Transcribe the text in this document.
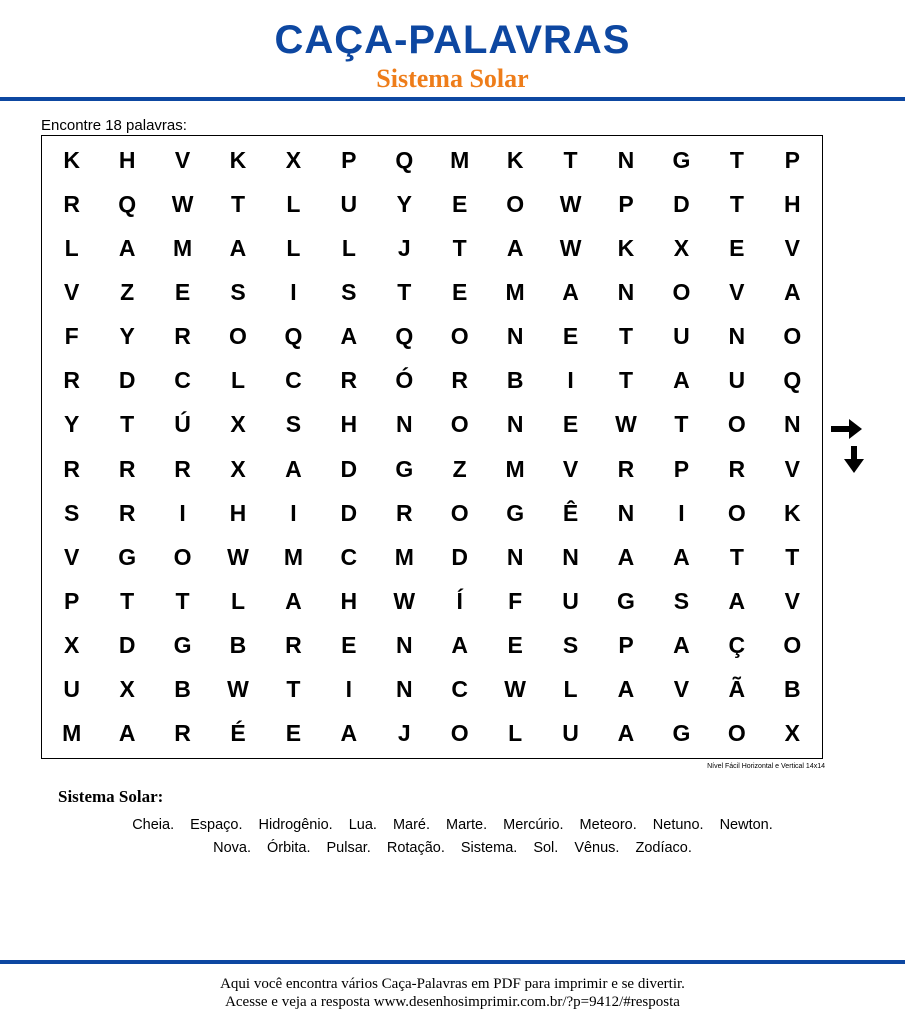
CAÇA-PALAVRAS
Sistema Solar
Encontre 18 palavras:
K	H	V	K	X	P	Q	M	K	T	N	G	T	P
R	Q	W	T	L	U	Y	E	O	W	P	D	T	H
L	A	M	A	L	L	J	T	A	W	K	X	E	V
V	Z	E	S	I	S	T	E	M	A	N	O	V	A
F	Y	R	O	Q	A	Q	O	N	E	T	U	N	O
R	D	C	L	C	R	Ó	R	B	I	T	A	U	Q
Y	T	Ú	X	S	H	N	O	N	E	W	T	O	N
R	R	R	X	A	D	G	Z	M	V	R	P	R	V
S	R	I	H	I	D	R	O	G	Ê	N	I	O	K
V	G	O	W	M	C	M	D	N	N	A	A	T	T
P	T	T	L	A	H	W	Í	F	U	G	S	A	V
X	D	G	B	R	E	N	A	E	S	P	A	Ç	O
U	X	B	W	T	I	N	C	W	L	A	V	Ã	B
M	A	R	É	E	A	J	O	L	U	A	G	O	X
Nível Fácil Horizontal e Vertical 14x14
Sistema Solar:
Cheia. Espaço. Hidrogênio. Lua. Maré. Marte. Mercúrio. Meteoro. Netuno. Newton.
Nova. Órbita. Pulsar. Rotação. Sistema. Sol. Vênus. Zodíaco.
Aqui você encontra vários Caça-Palavras em PDF para imprimir e se divertir.
Acesse e veja a resposta www.desenhosimprimir.com.br/?p=9412/#resposta
